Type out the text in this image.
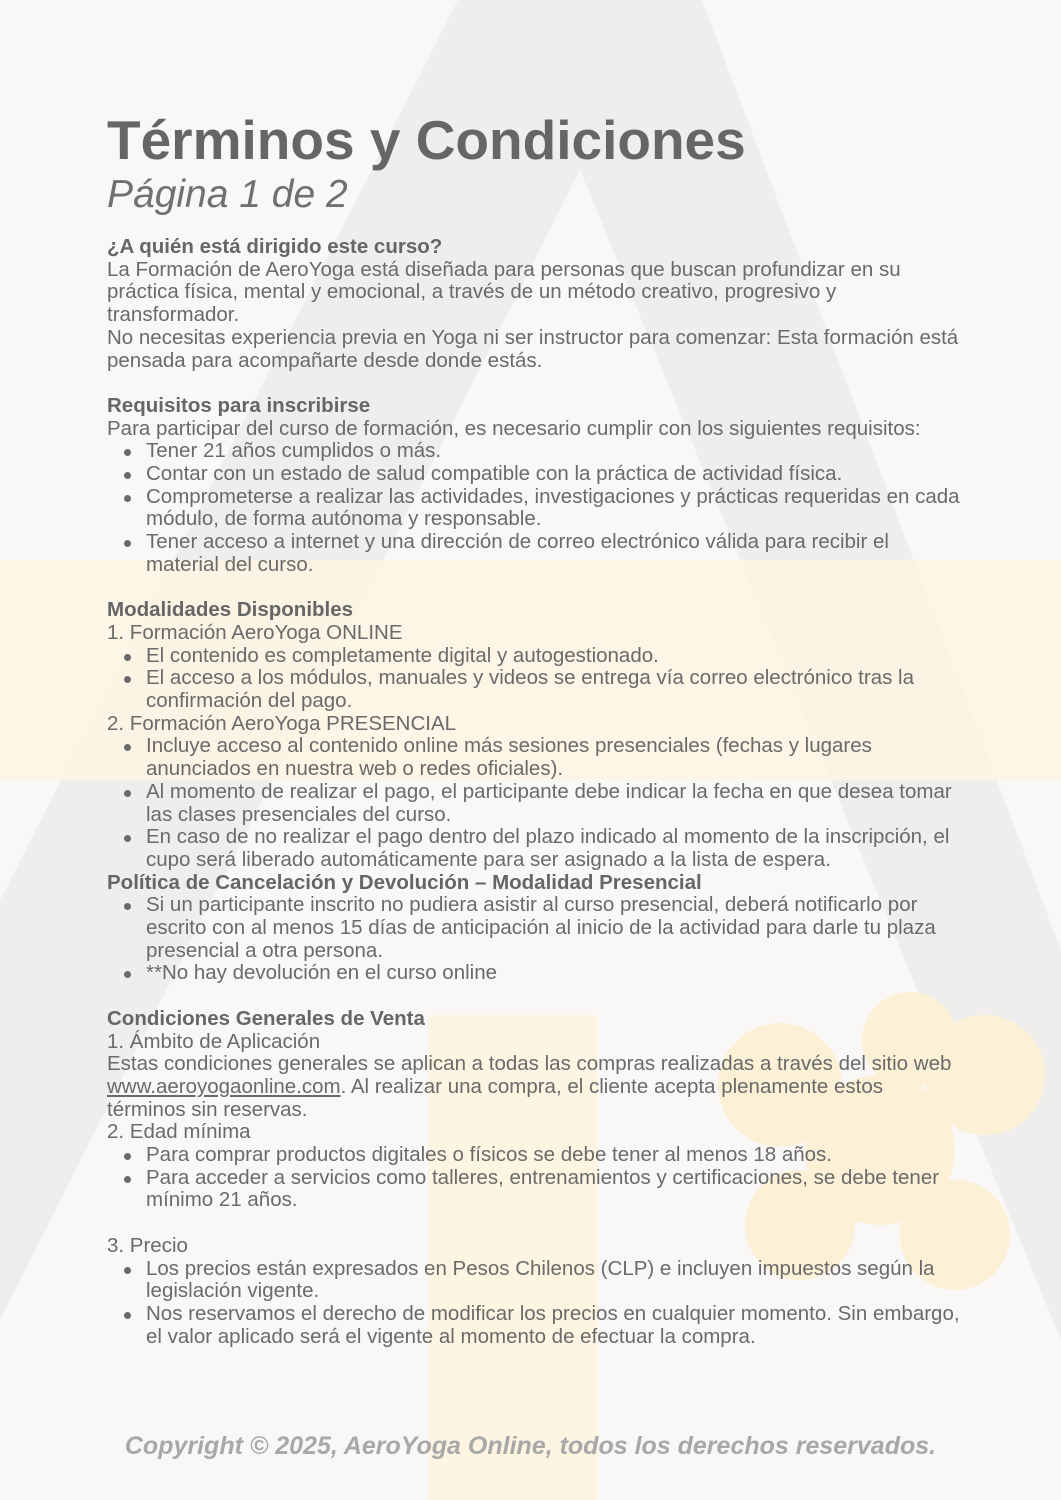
Términos y Condiciones
Página 1 de 2

¿A quién está dirigido este curso?

La Formación de AeroYoga está diseñada para personas que buscan profundizar en su práctica física, mental y emocional, a través de un método creativo, progresivo y transformador.

No necesitas experiencia previa en Yoga ni ser instructor para comenzar: Esta formación está pensada para acompañarte desde donde estás.

Requisitos para inscribirse

Para participar del curso de formación, es necesario cumplir con los siguientes requisitos:

Tener 21 años cumplidos o más.
Contar con un estado de salud compatible con la práctica de actividad física.
Comprometerse a realizar las actividades, investigaciones y prácticas requeridas en cada módulo, de forma autónoma y responsable.
Tener acceso a internet y una dirección de correo electrónico válida para recibir el material del curso.

Modalidades Disponibles

1. Formación AeroYoga ONLINE

El contenido es completamente digital y autogestionado.
El acceso a los módulos, manuales y videos se entrega vía correo electrónico tras la confirmación del pago.

2. Formación AeroYoga PRESENCIAL

Incluye acceso al contenido online más sesiones presenciales (fechas y lugares anunciados en nuestra web o redes oficiales).
Al momento de realizar el pago, el participante debe indicar la fecha en que desea tomar las clases presenciales del curso.
En caso de no realizar el pago dentro del plazo indicado al momento de la inscripción, el cupo será liberado automáticamente para ser asignado a la lista de espera.

Política de Cancelación y Devolución – Modalidad Presencial

Si un participante inscrito no pudiera asistir al curso presencial, deberá notificarlo por escrito con al menos 15 días de anticipación al inicio de la actividad para darle tu plaza presencial a otra persona.
**No hay devolución en el curso online

Condiciones Generales de Venta

1. Ámbito de Aplicación

Estas condiciones generales se aplican a todas las compras realizadas a través del sitio web www.aeroyogaonline.com. Al realizar una compra, el cliente acepta plenamente estos términos sin reservas.

2. Edad mínima

Para comprar productos digitales o físicos se debe tener al menos 18 años.
Para acceder a servicios como talleres, entrenamientos y certificaciones, se debe tener mínimo 21 años.

3. Precio

Los precios están expresados en Pesos Chilenos (CLP) e incluyen impuestos según la legislación vigente.
Nos reservamos el derecho de modificar los precios en cualquier momento. Sin embargo, el valor aplicado será el vigente al momento de efectuar la compra.
Copyright © 2025, AeroYoga Online, todos los derechos reservados.
